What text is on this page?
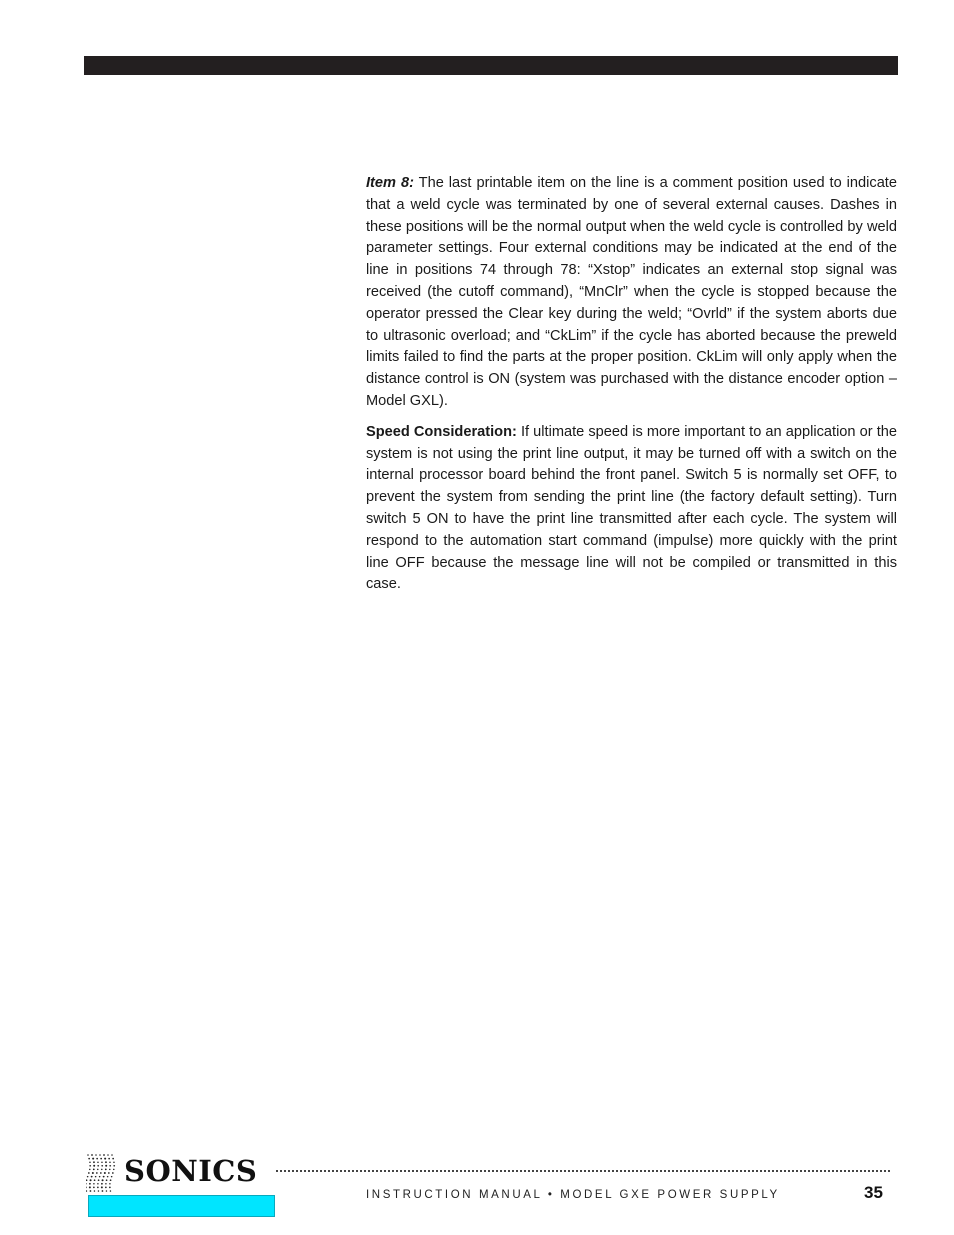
Item 8: The last printable item on the line is a comment position used to indicate that a weld cycle was terminated by one of several external causes. Dashes in these positions will be the normal output when the weld cycle is controlled by weld parameter settings. Four external conditions may be indicated at the end of the line in positions 74 through 78: “Xstop” indicates an external stop signal was received (the cutoff command), “MnClr” when the cycle is stopped because the operator pressed the Clear key during the weld; “Ovrld” if the system aborts due to ultrasonic overload; and “CkLim” if the cycle has aborted because the preweld limits failed to find the parts at the proper position. CkLim will only apply when the distance control is ON (system was purchased with the distance encoder option – Model GXL).

Speed Consideration: If ultimate speed is more important to an application or the system is not using the print line output, it may be turned off with a switch on the internal processor board behind the front panel. Switch 5 is normally set OFF, to prevent the system from sending the print line (the factory default setting). Turn switch 5 ON to have the print line transmitted after each cycle. The system will respond to the automation start command (impulse) more quickly with the print line OFF because the message line will not be compiled or transmitted in this case.

SONICS
INSTRUCTION MANUAL • MODEL GXE POWER SUPPLY	35
